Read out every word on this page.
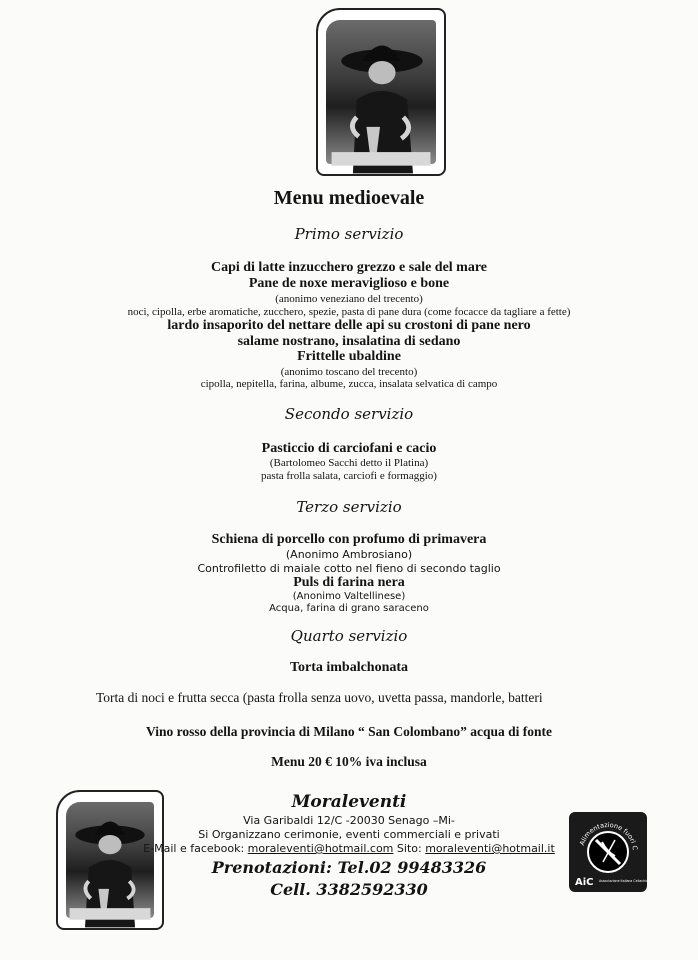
Menu medioevale
Primo servizio
Capi di latte inzucchero grezzo e sale del mare
Pane de noxe meraviglioso e bone
(anonimo veneziano del trecento)
noci, cipolla, erbe aromatiche, zucchero, spezie, pasta di pane dura (come focacce da tagliare a fette)
lardo insaporito del nettare delle api su crostoni di pane nero
salame nostrano, insalatina di sedano
Frittelle ubaldine
(anonimo toscano del trecento)
cipolla, nepitella, farina, albume, zucca, insalata selvatica di campo
Secondo servizio
Pasticcio di carciofani e cacio
(Bartolomeo Sacchi detto il Platina)
pasta frolla salata, carciofi e formaggio)
Terzo servizio
Schiena di porcello con profumo di primavera
(Anonimo Ambrosiano)
Controfiletto di maiale cotto nel fieno di secondo taglio
Puls di farina nera
(Anonimo Valtellinese)
Acqua, farina di grano saraceno
Quarto servizio
Torta imbalchonata
Torta di noci e frutta secca (pasta frolla senza uovo, uvetta passa, mandorle, batteri
Vino rosso della provincia di Milano “ San Colombano” acqua di fonte
Menu 20 € 10% iva inclusa
Moraleventi
Via Garibaldi 12/C -20030 Senago –Mi-
Si Organizzano cerimonie, eventi commerciali e privati
E-Mail e facebook: moraleventi@hotmail.com Sito: moraleventi@hotmail.it
Prenotazioni: Tel.02 99483326
Cell. 3382592330
Alimentazione fuori C
AiC Associazione Italiana Celiachia
